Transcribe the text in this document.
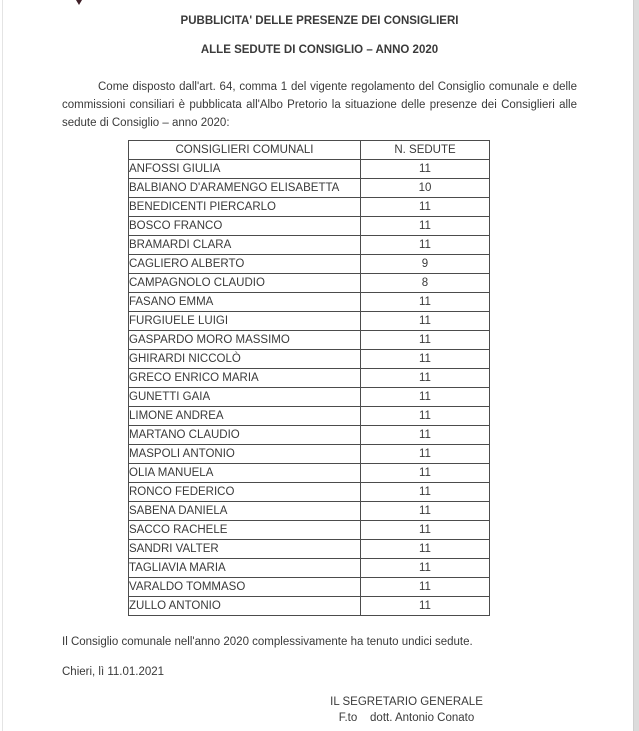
PUBBLICITA' DELLE PRESENZE DEI CONSIGLIERI

ALLE SEDUTE DI CONSIGLIO – ANNO 2020

Come disposto dall'art. 64, comma 1 del vigente regolamento del Consiglio comunale e delle commissioni consiliari è pubblicata all'Albo Pretorio la situazione delle presenze dei Consiglieri alle sedute di Consiglio – anno 2020:

CONSIGLIERI COMUNALI	N. SEDUTE
ANFOSSI GIULIA	11
BALBIANO D'ARAMENGO ELISABETTA	10
BENEDICENTI PIERCARLO	11
BOSCO FRANCO	11
BRAMARDI CLARA	11
CAGLIERO ALBERTO	9
CAMPAGNOLO CLAUDIO	8
FASANO EMMA	11
FURGIUELE LUIGI	11
GASPARDO MORO MASSIMO	11
GHIRARDI NICCOLÒ	11
GRECO ENRICO MARIA	11
GUNETTI GAIA	11
LIMONE ANDREA	11
MARTANO CLAUDIO	11
MASPOLI ANTONIO	11
OLIA MANUELA	11
RONCO FEDERICO	11
SABENA DANIELA	11
SACCO RACHELE	11
SANDRI VALTER	11
TAGLIAVIA MARIA	11
VARALDO TOMMASO	11
ZULLO ANTONIO	11

Il Consiglio comunale nell'anno 2020 complessivamente ha tenuto undici sedute.

Chieri, lì 11.01.2021

IL SEGRETARIO GENERALE
F.to    dott. Antonio Conato
